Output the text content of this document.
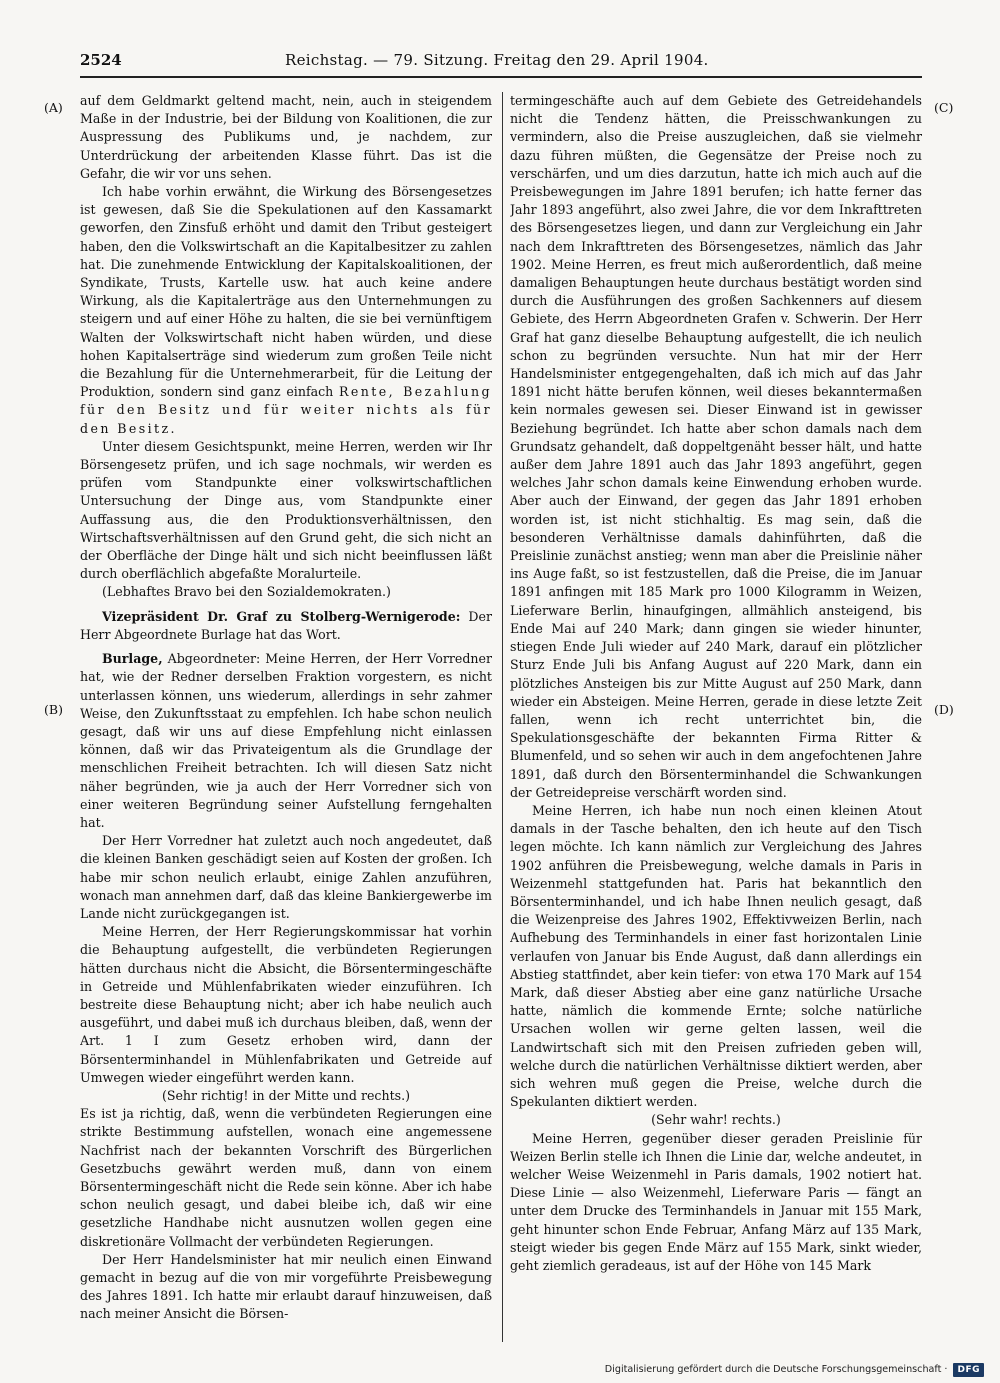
2524	Reichstag. — 79. Sitzung. Freitag den 29. April 1904.
(A)
(B)
(C)
(D)

auf dem Geldmarkt geltend macht, nein, auch in steigendem Maße in der Industrie, bei der Bildung von Koalitionen, die zur Auspressung des Publikums und, je nachdem, zur Unterdrückung der arbeitenden Klasse führt. Das ist die Gefahr, die wir vor uns sehen.

Ich habe vorhin erwähnt, die Wirkung des Börsengesetzes ist gewesen, daß Sie die Spekulationen auf den Kassamarkt geworfen, den Zinsfuß erhöht und damit den Tribut gesteigert haben, den die Volkswirtschaft an die Kapitalbesitzer zu zahlen hat. Die zunehmende Entwicklung der Kapitalskoalitionen, der Syndikate, Trusts, Kartelle usw. hat auch keine andere Wirkung, als die Kapitalerträge aus den Unternehmungen zu steigern und auf einer Höhe zu halten, die sie bei vernünftigem Walten der Volkswirtschaft nicht haben würden, und diese hohen Kapitalserträge sind wiederum zum großen Teile nicht die Bezahlung für die Unternehmerarbeit, für die Leitung der Produktion, sondern sind ganz einfach Rente, Bezahlung für den Besitz und für weiter nichts als für den Besitz.

Unter diesem Gesichtspunkt, meine Herren, werden wir Ihr Börsengesetz prüfen, und ich sage nochmals, wir werden es prüfen vom Standpunkte einer volkswirtschaftlichen Untersuchung der Dinge aus, vom Standpunkte einer Auffassung aus, die den Produktionsverhältnissen, den Wirtschaftsverhältnissen auf den Grund geht, die sich nicht an der Oberfläche der Dinge hält und sich nicht beeinflussen läßt durch oberflächlich abgefaßte Moralurteile.

(Lebhaftes Bravo bei den Sozialdemokraten.)

Vizepräsident Dr. Graf zu Stolberg-Wernigerode: Der Herr Abgeordnete Burlage hat das Wort.

Burlage, Abgeordneter: Meine Herren, der Herr Vorredner hat, wie der Redner derselben Fraktion vorgestern, es nicht unterlassen können, uns wiederum, allerdings in sehr zahmer Weise, den Zukunftsstaat zu empfehlen. Ich habe schon neulich gesagt, daß wir uns auf diese Empfehlung nicht einlassen können, daß wir das Privateigentum als die Grundlage der menschlichen Freiheit betrachten. Ich will diesen Satz nicht näher begründen, wie ja auch der Herr Vorredner sich von einer weiteren Begründung seiner Aufstellung ferngehalten hat.

Der Herr Vorredner hat zuletzt auch noch angedeutet, daß die kleinen Banken geschädigt seien auf Kosten der großen. Ich habe mir schon neulich erlaubt, einige Zahlen anzuführen, wonach man annehmen darf, daß das kleine Bankiergewerbe im Lande nicht zurückgegangen ist.

Meine Herren, der Herr Regierungskommissar hat vorhin die Behauptung aufgestellt, die verbündeten Regierungen hätten durchaus nicht die Absicht, die Börsentermingeschäfte in Getreide und Mühlenfabrikaten wieder einzuführen. Ich bestreite diese Behauptung nicht; aber ich habe neulich auch ausgeführt, und dabei muß ich durchaus bleiben, daß, wenn der Art. 1 I zum Gesetz erhoben wird, dann der Börsenterminhandel in Mühlenfabrikaten und Getreide auf Umwegen wieder eingeführt werden kann.

(Sehr richtig! in der Mitte und rechts.)

Es ist ja richtig, daß, wenn die verbündeten Regierungen eine strikte Bestimmung aufstellen, wonach eine angemessene Nachfrist nach der bekannten Vorschrift des Bürgerlichen Gesetzbuchs gewährt werden muß, dann von einem Börsentermingeschäft nicht die Rede sein könne. Aber ich habe schon neulich gesagt, und dabei bleibe ich, daß wir eine gesetzliche Handhabe nicht ausnutzen wollen gegen eine diskretionäre Vollmacht der verbündeten Regierungen.

Der Herr Handelsminister hat mir neulich einen Einwand gemacht in bezug auf die von mir vorgeführte Preisbewegung des Jahres 1891. Ich hatte mir erlaubt darauf hinzuweisen, daß nach meiner Ansicht die Börsen-

termingeschäfte auch auf dem Gebiete des Getreidehandels nicht die Tendenz hätten, die Preisschwankungen zu vermindern, also die Preise auszugleichen, daß sie vielmehr dazu führen müßten, die Gegensätze der Preise noch zu verschärfen, und um dies darzutun, hatte ich mich auch auf die Preisbewegungen im Jahre 1891 berufen; ich hatte ferner das Jahr 1893 angeführt, also zwei Jahre, die vor dem Inkrafttreten des Börsengesetzes liegen, und dann zur Vergleichung ein Jahr nach dem Inkrafttreten des Börsengesetzes, nämlich das Jahr 1902. Meine Herren, es freut mich außerordentlich, daß meine damaligen Behauptungen heute durchaus bestätigt worden sind durch die Ausführungen des großen Sachkenners auf diesem Gebiete, des Herrn Abgeordneten Grafen v. Schwerin. Der Herr Graf hat ganz dieselbe Behauptung aufgestellt, die ich neulich schon zu begründen versuchte. Nun hat mir der Herr Handelsminister entgegengehalten, daß ich mich auf das Jahr 1891 nicht hätte berufen können, weil dieses bekanntermaßen kein normales gewesen sei. Dieser Einwand ist in gewisser Beziehung begründet. Ich hatte aber schon damals nach dem Grundsatz gehandelt, daß doppeltgenäht besser hält, und hatte außer dem Jahre 1891 auch das Jahr 1893 angeführt, gegen welches Jahr schon damals keine Einwendung erhoben wurde. Aber auch der Einwand, der gegen das Jahr 1891 erhoben worden ist, ist nicht stichhaltig. Es mag sein, daß die besonderen Verhältnisse damals dahinführten, daß die Preislinie zunächst anstieg; wenn man aber die Preislinie näher ins Auge faßt, so ist festzustellen, daß die Preise, die im Januar 1891 anfingen mit 185 Mark pro 1000 Kilogramm in Weizen, Lieferware Berlin, hinaufgingen, allmählich ansteigend, bis Ende Mai auf 240 Mark; dann gingen sie wieder hinunter, stiegen Ende Juli wieder auf 240 Mark, darauf ein plötzlicher Sturz Ende Juli bis Anfang August auf 220 Mark, dann ein plötzliches Ansteigen bis zur Mitte August auf 250 Mark, dann wieder ein Absteigen. Meine Herren, gerade in diese letzte Zeit fallen, wenn ich recht unterrichtet bin, die Spekulationsgeschäfte der bekannten Firma Ritter & Blumenfeld, und so sehen wir auch in dem angefochtenen Jahre 1891, daß durch den Börsenterminhandel die Schwankungen der Getreidepreise verschärft worden sind.

Meine Herren, ich habe nun noch einen kleinen Atout damals in der Tasche behalten, den ich heute auf den Tisch legen möchte. Ich kann nämlich zur Vergleichung des Jahres 1902 anführen die Preisbewegung, welche damals in Paris in Weizenmehl stattgefunden hat. Paris hat bekanntlich den Börsenterminhandel, und ich habe Ihnen neulich gesagt, daß die Weizenpreise des Jahres 1902, Effektivweizen Berlin, nach Aufhebung des Terminhandels in einer fast horizontalen Linie verlaufen von Januar bis Ende August, daß dann allerdings ein Abstieg stattfindet, aber kein tiefer: von etwa 170 Mark auf 154 Mark, daß dieser Abstieg aber eine ganz natürliche Ursache hatte, nämlich die kommende Ernte; solche natürliche Ursachen wollen wir gerne gelten lassen, weil die Landwirtschaft sich mit den Preisen zufrieden geben will, welche durch die natürlichen Verhältnisse diktiert werden, aber sich wehren muß gegen die Preise, welche durch die Spekulanten diktiert werden.

(Sehr wahr! rechts.)

Meine Herren, gegenüber dieser geraden Preislinie für Weizen Berlin stelle ich Ihnen die Linie dar, welche andeutet, in welcher Weise Weizenmehl in Paris damals, 1902 notiert hat. Diese Linie — also Weizenmehl, Lieferware Paris — fängt an unter dem Drucke des Terminhandels in Januar mit 155 Mark, geht hinunter schon Ende Februar, Anfang März auf 135 Mark, steigt wieder bis gegen Ende März auf 155 Mark, sinkt wieder, geht ziemlich geradeaus, ist auf der Höhe von 145 Mark

Digitalisierung gefördert durch die Deutsche Forschungsgemeinschaft ·	DFG
